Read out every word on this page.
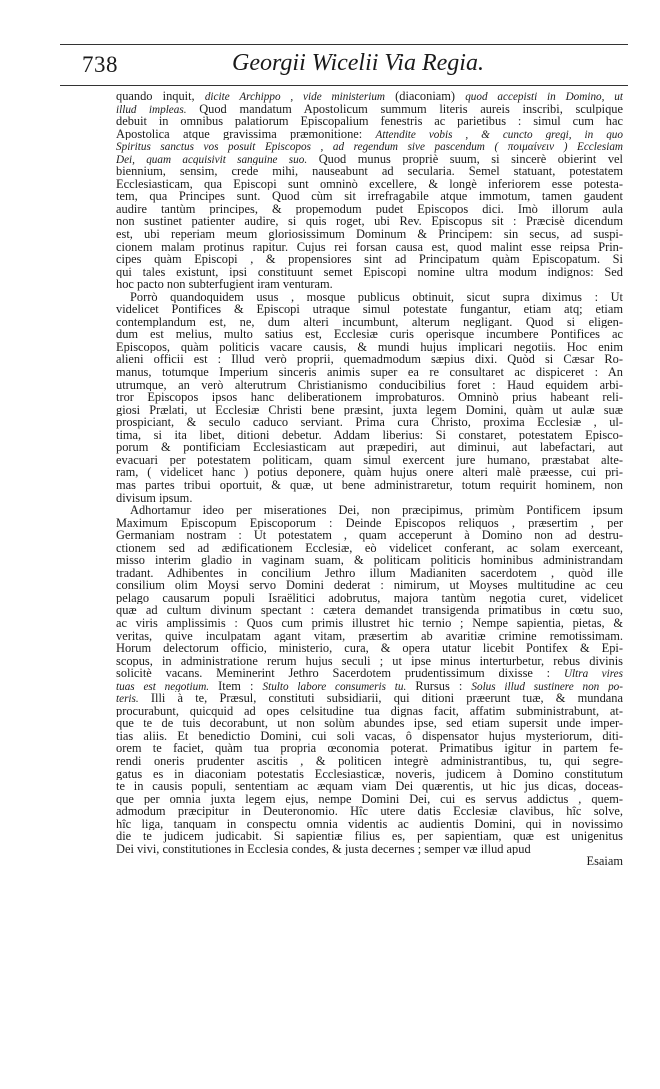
738	Georgii Wicelii Via Regia.
quando inquit, dicite Archippo , vide ministerium (diaconiam) quod accepisti in Domino, ut
illud impleas. Quod mandatum Apostolicum summum literis aureis inscribi, sculpique
debuit in omnibus palatiorum Episcopalium fenestris ac parietibus : simul cum hac
Apostolica atque gravissima præmonitione: Attendite vobis , & cuncto gregi, in quo
Spiritus sanctus vos posuit Episcopos , ad regendum sive pascendum ( ποιμαίνειν ) Ecclesiam
Dei, quam acquisivit sanguine suo. Quod munus propriè suum, si sincerè obierint vel
biennium, sensim, crede mihi, nauseabunt ad secularia. Semel statuant, potestatem
Ecclesiasticam, qua Episcopi sunt omninò excellere, & longè inferiorem esse potesta-
tem, qua Principes sunt. Quod cùm sit irrefragabile atque immotum, tamen gaudent
audire tantùm principes, & propemodum pudet Episcopos dici. Imò illorum aula
non sustinet patienter audire, si quis roget, ubi Rev. Episcopus sit : Præcisè dicendum
est, ubi reperiam meum gloriosissimum Dominum & Principem: sin secus, ad suspi-
cionem malam protinus rapitur. Cujus rei forsan causa est, quod malint esse reipsa Prin-
cipes quàm Episcopi , & propensiores sint ad Principatum quàm Episcopatum. Si
qui tales existunt, ipsi constituunt semet Episcopi nomine ultra modum indignos: Sed
hoc pacto non subterfugient iram venturam.
Porrò quandoquidem usus , mosque publicus obtinuit, sicut supra diximus : Ut
videlicet Pontifices & Episcopi utraque simul potestate fungantur, etiam atq; etiam
contemplandum est, ne, dum alteri incumbunt, alterum negligant. Quod si eligen-
dum est melius, multo satius est, Ecclesiæ curis operisque incumbere Pontifices ac
Episcopos, quàm politicis vacare causis, & mundi hujus implicari negotiis. Hoc enim
alieni officii est : Illud verò proprii, quemadmodum sæpius dixi. Quòd si Cæsar Ro-
manus, totumque Imperium sinceris animis super ea re consultaret ac dispiceret : An
utrumque, an verò alterutrum Christianismo conducibilius foret : Haud equidem arbi-
tror Episcopos ipsos hanc deliberationem improbaturos. Omninò prius habeant reli-
giosi Prælati, ut Ecclesiæ Christi bene præsint, juxta legem Domini, quàm ut aulæ suæ
prospiciant, & seculo caduco serviant. Prima cura Christo, proxima Ecclesiæ , ul-
tima, si ita libet, ditioni debetur. Addam liberius: Si constaret, potestatem Episco-
porum & pontificiam Ecclesiasticam aut præpediri, aut diminui, aut labefactari, aut
evacuari per potestatem politicam, quam simul exercent jure humano, præstabat alte-
ram, ( videlicet hanc ) potius deponere, quàm hujus onere alteri malè præesse, cui pri-
mas partes tribui oportuit, & quæ, ut bene administraretur, totum requirit hominem, non
divisum ipsum.
Adhortamur ideo per miserationes Dei, non præcipimus, primùm Pontificem ipsum
Maximum Episcopum Episcoporum : Deinde Episcopos reliquos , præsertim , per
Germaniam nostram : Ut potestatem , quam acceperunt à Domino non ad destru-
ctionem sed ad ædificationem Ecclesiæ, eò videlicet conferant, ac solam exerceant,
misso interim gladio in vaginam suam, & politicam politicis hominibus administrandam
tradant. Adhibentes in concilium Jethro illum Madianiten sacerdotem , quòd ille
consilium olim Moysi servo Domini dederat : nimirum, ut Moyses multitudine ac ceu
pelago causarum populi Israëlitici adobrutus, majora tantùm negotia curet, videlicet
quæ ad cultum divinum spectant : cætera demandet transigenda primatibus in cœtu suo,
ac viris amplissimis : Quos cum primis illustret hic ternio ; Nempe sapientia, pietas, &
veritas, quive inculpatam agant vitam, præsertim ab avaritiæ crimine remotissimam.
Horum delectorum officio, ministerio, cura, & opera utatur licebit Pontifex & Epi-
scopus, in administratione rerum hujus seculi ; ut ipse minus interturbetur, rebus divinis
solicitè vacans. Meminerint Jethro Sacerdotem prudentissimum dixisse : Ultra vires
tuas est negotium. Item : Stulto labore consumeris tu. Rursus : Solus illud sustinere non po-
teris. Illi à te, Præsul, constituti subsidiarii, qui ditioni præerunt tuæ, & mundana
procurabunt, quicquid ad opes celsitudine tua dignas facit, affatim subministrabunt, at-
que te de tuis decorabunt, ut non solùm abundes ipse, sed etiam supersit unde imper-
tias aliis. Et benedictio Domini, cui soli vacas, ô dispensator hujus mysteriorum, diti-
orem te faciet, quàm tua propria œconomia poterat. Primatibus igitur in partem fe-
rendi oneris prudenter ascitis , & politicen integrè administrantibus, tu, qui segre-
gatus es in diaconiam potestatis Ecclesiasticæ, noveris, judicem à Domino constitutum
te in causis populi, sententiam ac æquam viam Dei quærentis, ut hic jus dicas, doceas-
que per omnia juxta legem ejus, nempe Domini Dei, cui es servus addictus , quem-
admodum præcipitur in Deuteronomio. Hîc utere datis Ecclesiæ clavibus, hîc solve,
hîc liga, tanquam in conspectu omnia videntis ac audientis Domini, qui in novissimo
die te judicem judicabit. Si sapientiæ filius es, per sapientiam, quæ est unigenitus
Dei vivi, constitutiones in Ecclesia condes, & justa decernes ; semper væ illud apud
Esaiam
